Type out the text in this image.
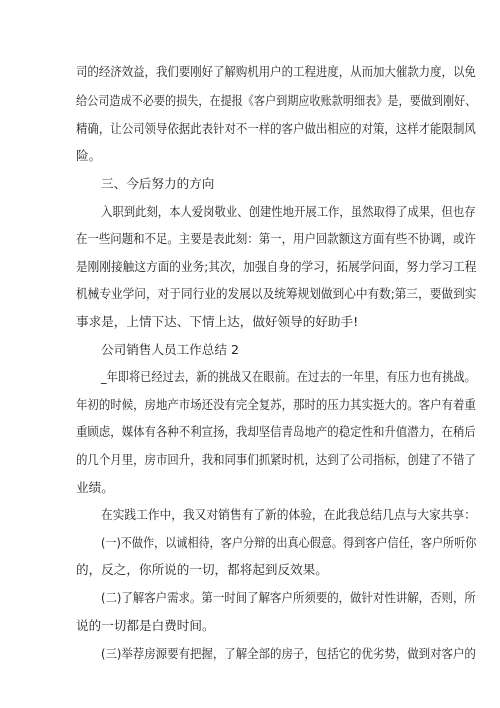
司的经济效益，我们要刚好了解购机用户的工程进度，从而加大催款力度，以免
给公司造成不必要的损失，在提报《客户到期应收账款明细表》是，要做到刚好、
精确，让公司领导依据此表针对不一样的客户做出相应的对策，这样才能限制风
险。
三、今后努力的方向
入职到此刻，本人爱岗敬业、创建性地开展工作，虽然取得了成果，但也存
在一些问题和不足。主要是表此刻：第一，用户回款额这方面有些不协调，或许
是刚刚接触这方面的业务;其次，加强自身的学习，拓展学问面，努力学习工程
机械专业学问，对于同行业的发展以及统筹规划做到心中有数;第三，要做到实
事求是，上情下达、下情上达，做好领导的好助手!
公司销售人员工作总结 2
_年即将已经过去，新的挑战又在眼前。在过去的一年里，有压力也有挑战。
年初的时候，房地产市场还没有完全复苏，那时的压力其实挺大的。客户有着重
重顾虑，媒体有各种不利宣扬，我却坚信青岛地产的稳定性和升值潜力，在稍后
的几个月里，房市回升，我和同事们抓紧时机，达到了公司指标，创建了不错了
业绩。
在实践工作中，我又对销售有了新的体验，在此我总结几点与大家共享：
(一)不做作，以诚相待，客户分辩的出真心假意。得到客户信任，客户所听你
的，反之，你所说的一切，都将起到反效果。
(二)了解客户需求。第一时间了解客户所须要的，做针对性讲解，否则，所
说的一切都是白费时间。
(三)举荐房源要有把握，了解全部的房子，包括它的优劣势，做到对客户的
